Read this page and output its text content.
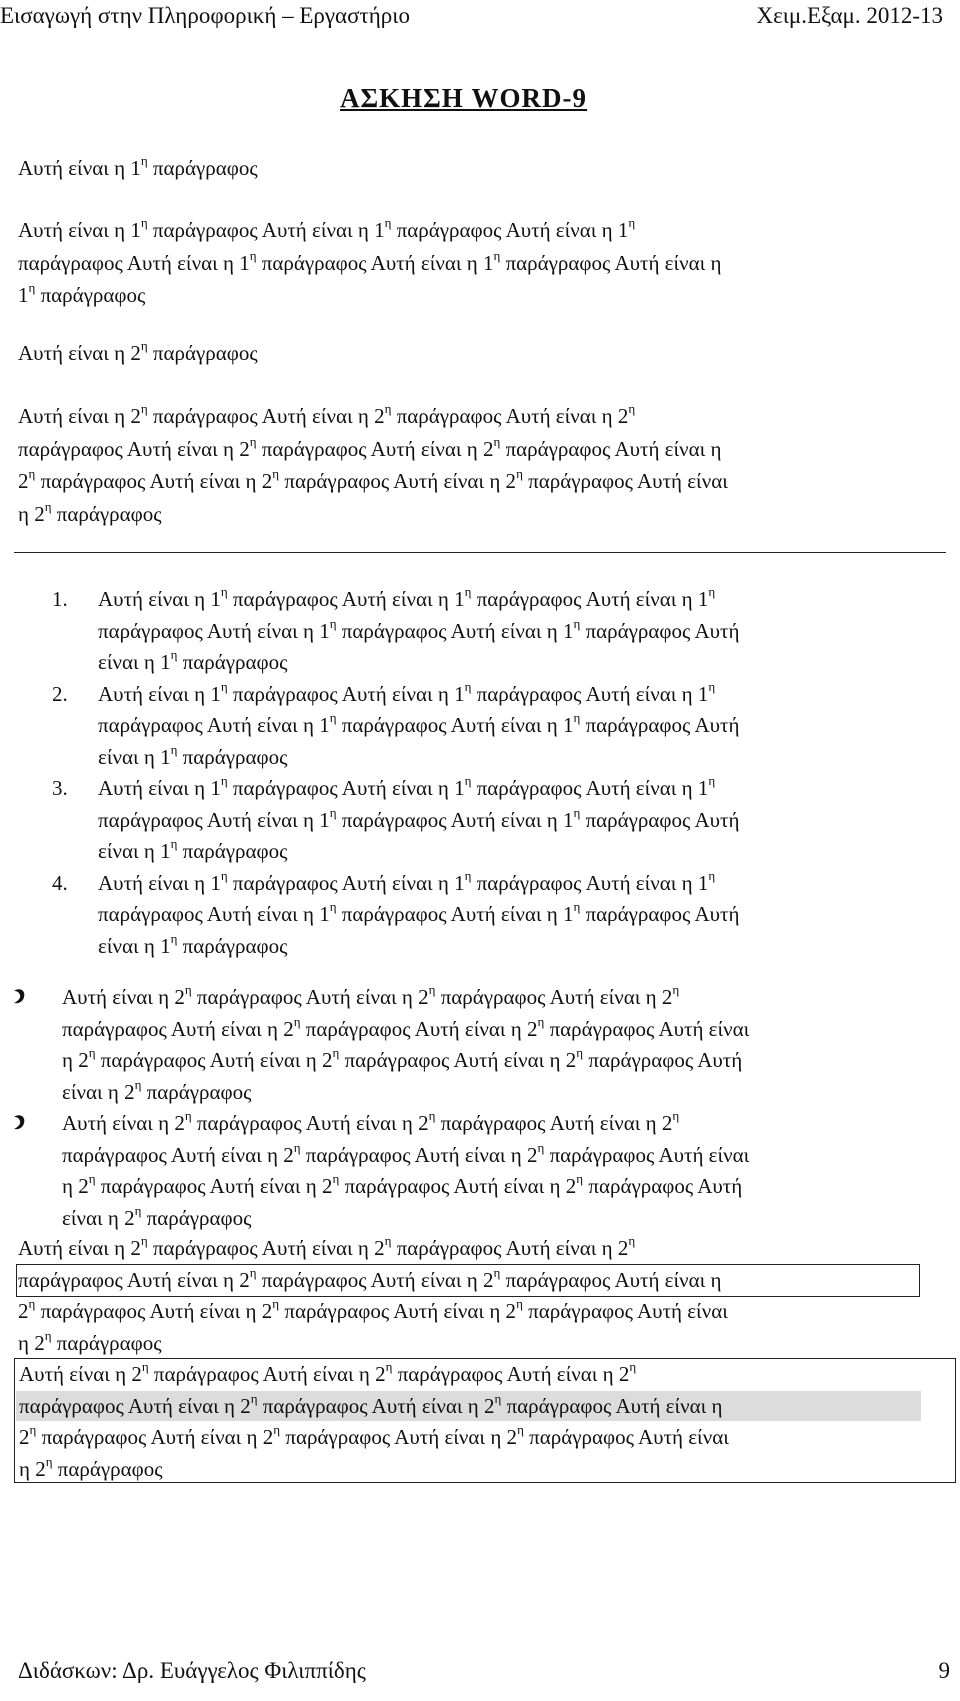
Εισαγωγή στην Πληροφορική – Εργαστήριο	Χειμ.Εξαμ. 2012-13
ΑΣΚΗΣΗ WORD-9

Αυτή είναι η $1^\eta$ παράγραφος

Αυτή είναι η $1^\eta$ παράγραφος Αυτή είναι η $1^\eta$ παράγραφος Αυτή είναι η $1^\eta$

παράγραφος Αυτή είναι η $1^\eta$ παράγραφος Αυτή είναι η $1^\eta$ παράγραφος Αυτή είναι η

$1^\eta$ παράγραφος

Αυτή είναι η $2^\eta$ παράγραφος

Αυτή είναι η $2^\eta$ παράγραφος Αυτή είναι η $2^\eta$ παράγραφος Αυτή είναι η $2^\eta$

παράγραφος Αυτή είναι η $2^\eta$ παράγραφος Αυτή είναι η $2^\eta$ παράγραφος Αυτή είναι η

$2^\eta$ παράγραφος Αυτή είναι η $2^\eta$ παράγραφος Αυτή είναι η $2^\eta$ παράγραφος Αυτή είναι

η $2^\eta$ παράγραφος

1. Αυτή είναι η $1^\eta$ παράγραφος Αυτή είναι η $1^\eta$ παράγραφος Αυτή είναι η $1^\eta$
παράγραφος Αυτή είναι η $1^\eta$ παράγραφος Αυτή είναι η $1^\eta$ παράγραφος Αυτή
είναι η $1^\eta$ παράγραφος
2. Αυτή είναι η $1^\eta$ παράγραφος Αυτή είναι η $1^\eta$ παράγραφος Αυτή είναι η $1^\eta$
παράγραφος Αυτή είναι η $1^\eta$ παράγραφος Αυτή είναι η $1^\eta$ παράγραφος Αυτή
είναι η $1^\eta$ παράγραφος
3. Αυτή είναι η $1^\eta$ παράγραφος Αυτή είναι η $1^\eta$ παράγραφος Αυτή είναι η $1^\eta$
παράγραφος Αυτή είναι η $1^\eta$ παράγραφος Αυτή είναι η $1^\eta$ παράγραφος Αυτή
είναι η $1^\eta$ παράγραφος
4. Αυτή είναι η $1^\eta$ παράγραφος Αυτή είναι η $1^\eta$ παράγραφος Αυτή είναι η $1^\eta$
παράγραφος Αυτή είναι η $1^\eta$ παράγραφος Αυτή είναι η $1^\eta$ παράγραφος Αυτή
είναι η $1^\eta$ παράγραφος
Αυτή είναι η $2^\eta$ παράγραφος Αυτή είναι η $2^\eta$ παράγραφος Αυτή είναι η $2^\eta$
παράγραφος Αυτή είναι η $2^\eta$ παράγραφος Αυτή είναι η $2^\eta$ παράγραφος Αυτή είναι
η $2^\eta$ παράγραφος Αυτή είναι η $2^\eta$ παράγραφος Αυτή είναι η $2^\eta$ παράγραφος Αυτή
είναι η $2^\eta$ παράγραφος
Αυτή είναι η $2^\eta$ παράγραφος Αυτή είναι η $2^\eta$ παράγραφος Αυτή είναι η $2^\eta$
παράγραφος Αυτή είναι η $2^\eta$ παράγραφος Αυτή είναι η $2^\eta$ παράγραφος Αυτή είναι
η $2^\eta$ παράγραφος Αυτή είναι η $2^\eta$ παράγραφος Αυτή είναι η $2^\eta$ παράγραφος Αυτή
είναι η $2^\eta$ παράγραφος

Αυτή είναι η $2^\eta$ παράγραφος Αυτή είναι η $2^\eta$ παράγραφος Αυτή είναι η $2^\eta$

παράγραφος Αυτή είναι η $2^\eta$ παράγραφος Αυτή είναι η $2^\eta$ παράγραφος Αυτή είναι η

$2^\eta$ παράγραφος Αυτή είναι η $2^\eta$ παράγραφος Αυτή είναι η $2^\eta$ παράγραφος Αυτή είναι

η $2^\eta$ παράγραφος

Αυτή είναι η $2^\eta$ παράγραφος Αυτή είναι η $2^\eta$ παράγραφος Αυτή είναι η $2^\eta$

παράγραφος Αυτή είναι η $2^\eta$ παράγραφος Αυτή είναι η $2^\eta$ παράγραφος Αυτή είναι η

$2^\eta$ παράγραφος Αυτή είναι η $2^\eta$ παράγραφος Αυτή είναι η $2^\eta$ παράγραφος Αυτή είναι

η $2^\eta$ παράγραφος

Διδάσκων: Δρ. Ευάγγελος Φιλιππίδης	9
